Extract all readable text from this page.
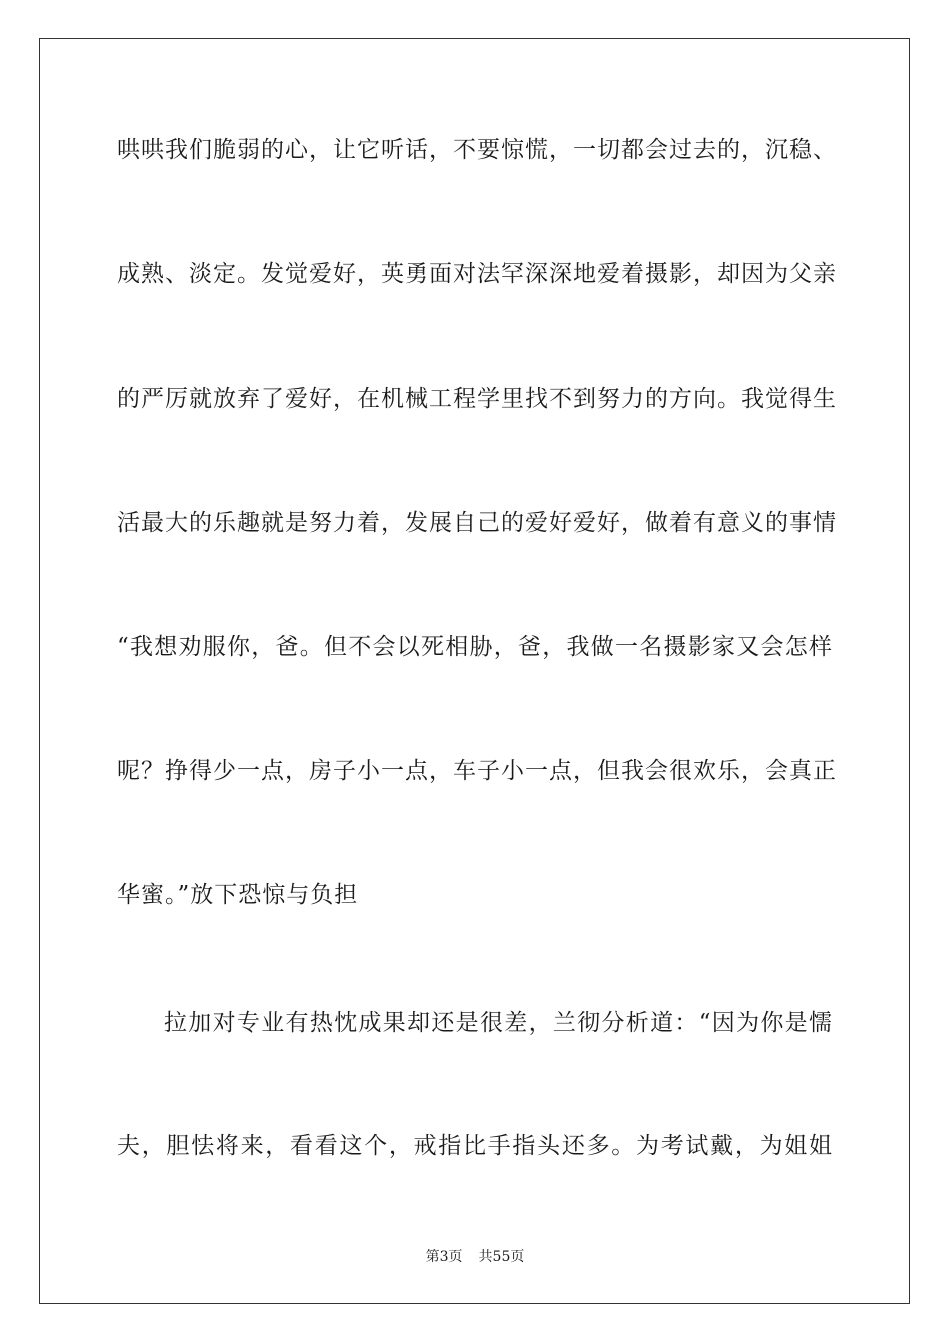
哄哄我们脆弱的心，让它听话，不要惊慌，一切都会过去的，沉稳、
成熟、淡定。发觉爱好，英勇面对法罕深深地爱着摄影，却因为父亲
的严厉就放弃了爱好，在机械工程学里找不到努力的方向。我觉得生
活最大的乐趣就是努力着，发展自己的爱好爱好，做着有意义的事情
“我想劝服你，爸。但不会以死相胁，爸，我做一名摄影家又会怎样
呢？挣得少一点，房子小一点，车子小一点，但我会很欢乐，会真正
华蜜。”放下恐惊与负担
拉加对专业有热忱成果却还是很差，兰彻分析道：“因为你是懦
夫，胆怯将来，看看这个，戒指比手指头还多。为考试戴，为姐姐
第3页 共55页
